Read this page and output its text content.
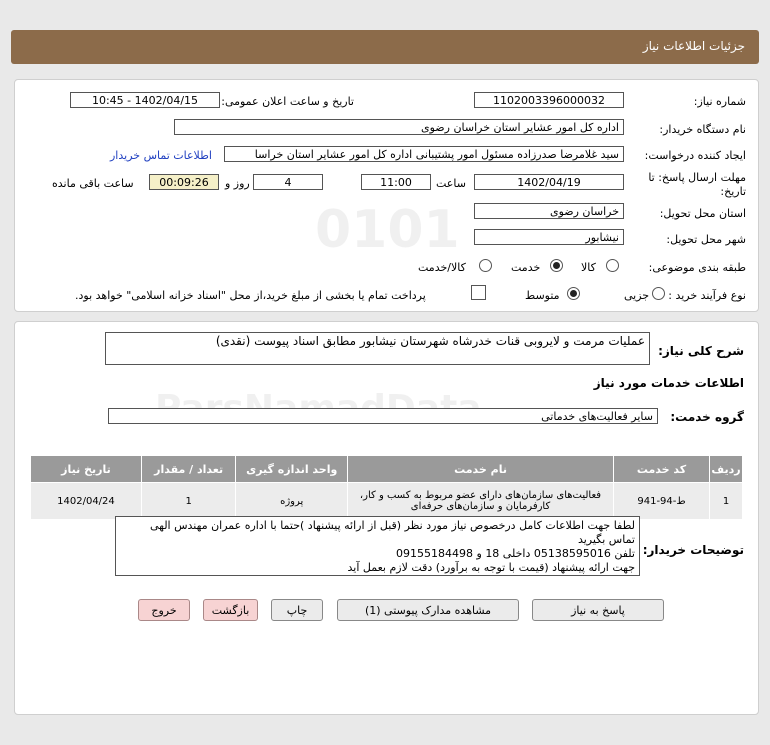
جزئیات اطلاعات نیاز
0101
شماره نیاز:
1102003396000032
تاریخ و ساعت اعلان عمومی:
1402/04/15 - 10:45
نام دستگاه خریدار:
اداره کل امور عشایر استان خراسان رضوی
ایجاد کننده درخواست:
سید غلامرضا صدرزاده مسئول امور پشتیبانی اداره کل امور عشایر استان خراسا
اطلاعات تماس خریدار
مهلت ارسال پاسخ: تا
تاریخ:
1402/04/19
ساعت
11:00
4
روز و
00:09:26
ساعت باقی مانده
استان محل تحویل:
خراسان رضوی
شهر محل تحویل:
نیشابور
طبقه بندی موضوعی:
کالا
خدمت
کالا/خدمت
نوع فرآیند خرید :
جزیی
متوسط
پرداخت تمام یا بخشی از مبلغ خرید،از محل "اسناد خزانه اسلامی" خواهد بود.
شرح کلی نیاز:
عملیات مرمت و لایروبی قنات خدرشاه شهرستان نیشابور مطابق اسناد پیوست (نقدی)
اطلاعات خدمات مورد نیاز
گروه خدمت:
سایر فعالیت‌های خدماتی
ردیف	کد خدمت	نام خدمت	واحد اندازه گیری	تعداد / مقدار	تاریخ نیاز
1	ط-94-941	فعالیت‌های سازمان‌های دارای عضو مربوط به کسب و کار،
کارفرمایان و سازمان‌های حرفه‌ای	پروژه	1	1402/04/24
توضیحات خریدار:
لطفا جهت اطلاعات کامل درخصوص نیاز مورد نظر (قبل از ارائه پیشنهاد )حتما با اداره عمران مهندس الهی
تماس بگیرید
تلفن 05138595016 داخلی 18 و 09155184498
جهت ارائه پیشنهاد (قیمت با توجه به برآورد) دقت لازم بعمل آید
پاسخ به نیاز
مشاهده مدارک پیوستی (1)
چاپ
بازگشت
خروج
